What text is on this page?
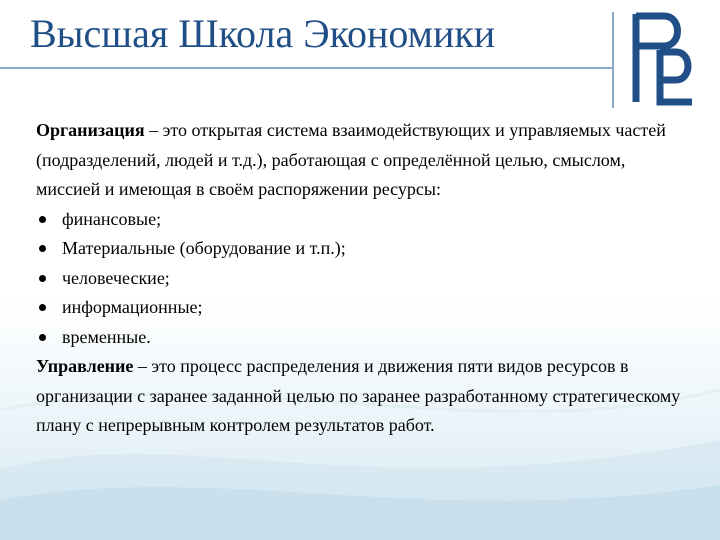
Высшая Школа Экономики

Организация – это открытая система взаимодействующих и управляемых частей (подразделений, людей и т.д.), работающая с определённой целью, смыслом, миссией и имеющая в своём распоряжении ресурсы:

финансовые;
Материальные (оборудование и т.п.);
человеческие;
информационные;
временные.

Управление – это процесс распределения и движения пяти видов ресурсов в организации с заранее заданной целью по заранее разработанному стратегическому плану с непрерывным контролем результатов работ.
